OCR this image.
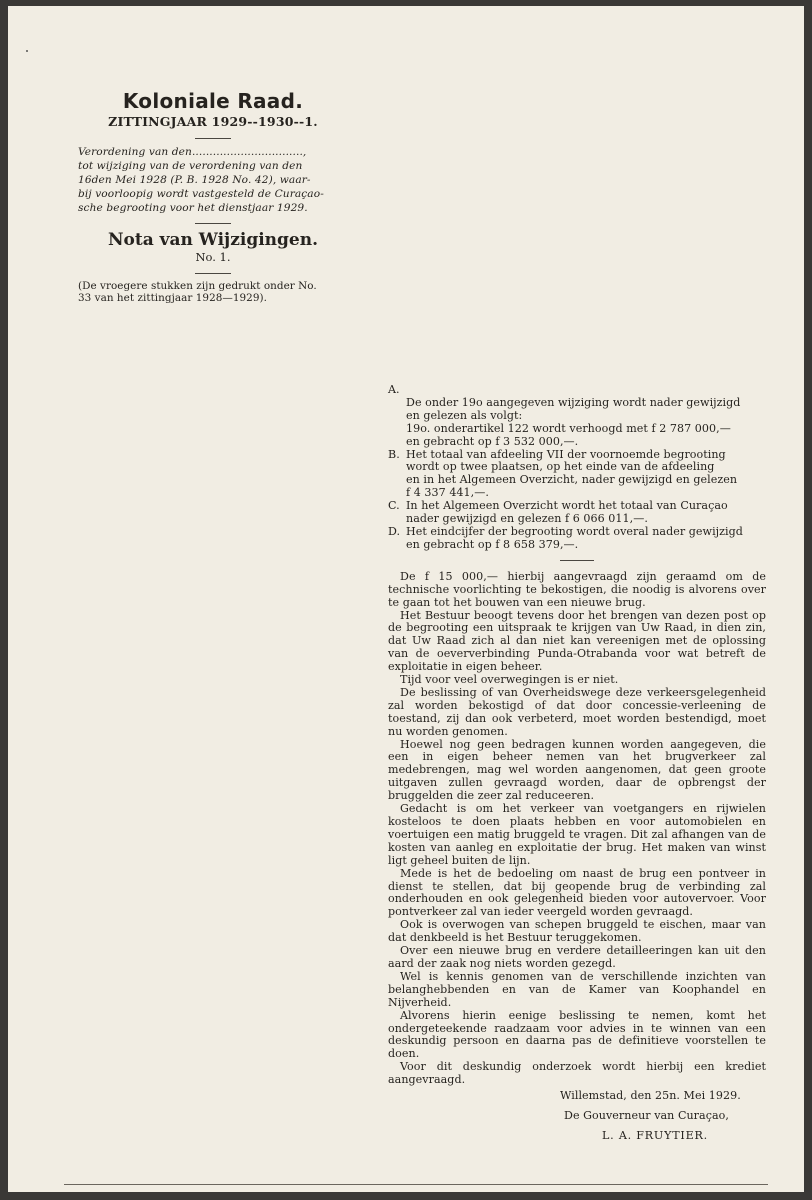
Koloniale Raad.

ZITTINGJAAR 1929--1930--1.

Verordening van den................................,
tot wijziging van de verordening van den
16den Mei 1928 (P. B. 1928 No. 42), waar-
bij voorloopig wordt vastgesteld de Curaçao-
sche begrooting voor het dienstjaar 1929.

Nota van Wijzigingen.

No. 1.

(De vroegere stukken zijn gedrukt onder No.
33 van het zittingjaar 1928—1929).

A.

De onder 19o aangegeven wijziging wordt nader gewijzigd
en gelezen als volgt:

19o. onderartikel 122 wordt verhoogd met f 2 787 000,—
en gebracht op f 3 532 000,—.
B. Het totaal van afdeeling VII der voornoemde begrooting
wordt op twee plaatsen, op het einde van de afdeeling
en in het Algemeen Overzicht, nader gewijzigd en gelezen
f 4 337 441,—.
C. In het Algemeen Overzicht wordt het totaal van Curaçao
nader gewijzigd en gelezen f 6 066 011,—.
D. Het eindcijfer der begrooting wordt overal nader gewijzigd
en gebracht op f 8 658 379,—.

De f 15 000,— hierbij aangevraagd zijn geraamd om de technische voorlichting te bekostigen, die noodig is alvorens over te gaan tot het bouwen van een nieuwe brug.

Het Bestuur beoogt tevens door het brengen van dezen post op de begrooting een uitspraak te krijgen van Uw Raad, in dien zin, dat Uw Raad zich al dan niet kan vereenigen met de oplossing van de oeververbinding Punda-Otrabanda voor wat betreft de exploitatie in eigen beheer.

Tijd voor veel overwegingen is er niet.

De beslissing of van Overheidswege deze verkeersgelegenheid zal worden bekostigd of dat door concessie-verleening de toestand, zij dan ook verbeterd, moet worden bestendigd, moet nu worden genomen.

Hoewel nog geen bedragen kunnen worden aangegeven, die een in eigen beheer nemen van het brugverkeer zal medebrengen, mag wel worden aangenomen, dat geen groote uitgaven zullen gevraagd worden, daar de opbrengst der bruggelden die zeer zal reduceeren.

Gedacht is om het verkeer van voetgangers en rijwielen kosteloos te doen plaats hebben en voor automobielen en voertuigen een matig bruggeld te vragen. Dit zal afhangen van de kosten van aanleg en exploitatie der brug. Het maken van winst ligt geheel buiten de lijn.

Mede is het de bedoeling om naast de brug een pontveer in dienst te stellen, dat bij geopende brug de verbinding zal onderhouden en ook gelegenheid bieden voor autovervoer. Voor pontverkeer zal van ieder veergeld worden gevraagd.

Ook is overwogen van schepen bruggeld te eischen, maar van dat denkbeeld is het Bestuur teruggekomen.

Over een nieuwe brug en verdere detailleeringen kan uit den aard der zaak nog niets worden gezegd.

Wel is kennis genomen van de verschillende inzichten van belanghebbenden en van de Kamer van Koophandel en Nijverheid.

Alvorens hierin eenige beslissing te nemen, komt het ondergeteekende raadzaam voor advies in te winnen van een deskundig persoon en daarna pas de definitieve voorstellen te doen.

Voor dit deskundig onderzoek wordt hierbij een krediet aangevraagd.

Willemstad, den 25n. Mei 1929.

De Gouverneur van Curaçao,

L. A. FRUYTIER.
